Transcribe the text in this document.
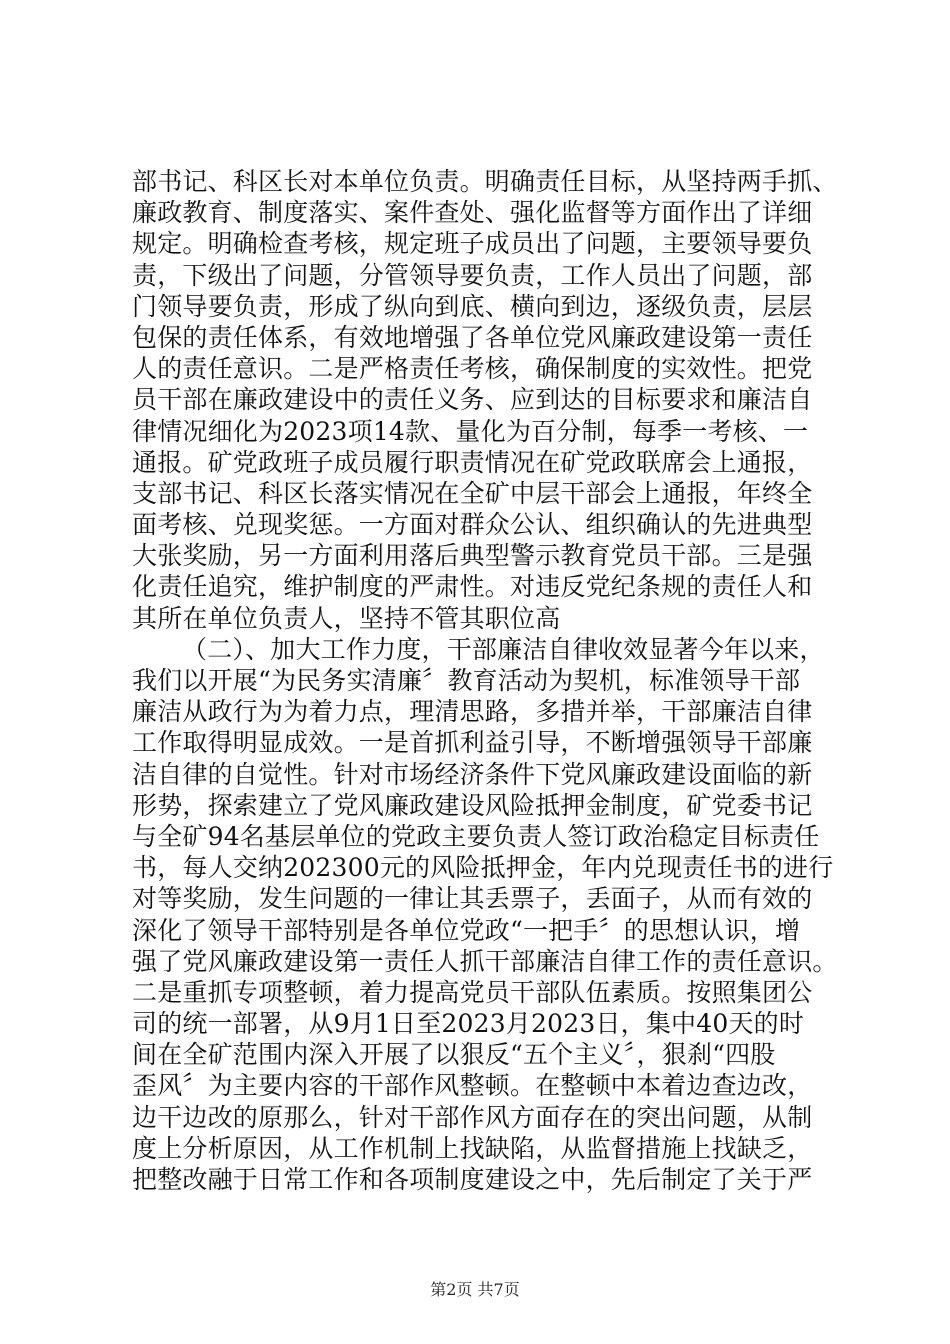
部书记、科区长对本单位负责。明确责任目标，从坚持两手抓、
廉政教育、制度落实、案件查处、强化监督等方面作出了详细
规定。明确检查考核，规定班子成员出了问题，主要领导要负
责，下级出了问题，分管领导要负责，工作人员出了问题，部
门领导要负责，形成了纵向到底、横向到边，逐级负责，层层
包保的责任体系，有效地增强了各单位党风廉政建设第一责任
人的责任意识。二是严格责任考核，确保制度的实效性。把党
员干部在廉政建设中的责任义务、应到达的目标要求和廉洁自
律情况细化为2023项14款、量化为百分制，每季一考核、一
通报。矿党政班子成员履行职责情况在矿党政联席会上通报，
支部书记、科区长落实情况在全矿中层干部会上通报，年终全
面考核、兑现奖惩。一方面对群众公认、组织确认的先进典型
大张奖励，另一方面利用落后典型警示教育党员干部。三是强
化责任追究，维护制度的严肃性。对违反党纪条规的责任人和
其所在单位负责人，坚持不管其职位高
（二）、加大工作力度，干部廉洁自律收效显著今年以来，
我们以开展“为民务实清廉〞教育活动为契机，标准领导干部
廉洁从政行为为着力点，理清思路，多措并举，干部廉洁自律
工作取得明显成效。一是首抓利益引导，不断增强领导干部廉
洁自律的自觉性。针对市场经济条件下党风廉政建设面临的新
形势，探索建立了党风廉政建设风险抵押金制度，矿党委书记
与全矿94名基层单位的党政主要负责人签订政治稳定目标责任
书，每人交纳202300元的风险抵押金，年内兑现责任书的进行
对等奖励，发生问题的一律让其丢票子，丢面子，从而有效的
深化了领导干部特别是各单位党政“一把手〞的思想认识，增
强了党风廉政建设第一责任人抓干部廉洁自律工作的责任意识。
二是重抓专项整顿，着力提高党员干部队伍素质。按照集团公
司的统一部署，从9月1日至2023月2023日，集中40天的时
间在全矿范围内深入开展了以狠反“五个主义〞，狠刹“四股
歪风〞为主要内容的干部作风整顿。在整顿中本着边查边改，
边干边改的原那么，针对干部作风方面存在的突出问题，从制
度上分析原因，从工作机制上找缺陷，从监督措施上找缺乏，
把整改融于日常工作和各项制度建设之中，先后制定了关于严
第2页 共7页
